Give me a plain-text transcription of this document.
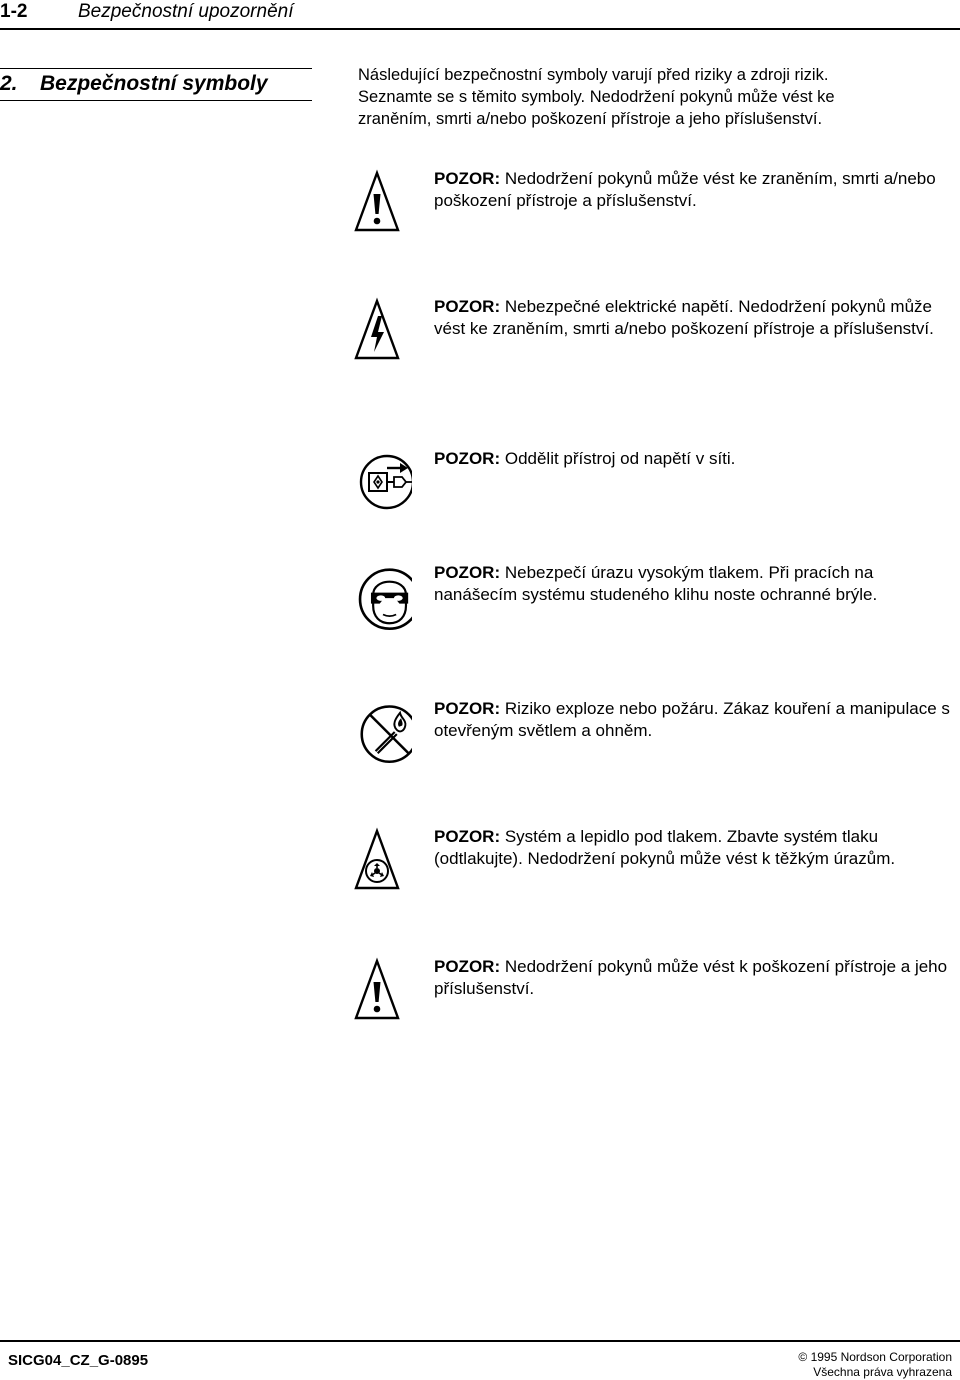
1-2	Bezpečnostní upozornění
2. Bezpečnostní symboly	Následující bezpečnostní symboly varují před riziky a zdroji rizik.
Seznamte se s těmito symboly. Nedodržení pokynů může vést ke
zraněním, smrti a/nebo poškození přístroje a jeho příslušenství.
POZOR: Nedodržení pokynů může vést ke zraněním, smrti a/nebo poškození přístroje a příslušenství.
POZOR: Nebezpečné elektrické napětí. Nedodržení pokynů může vést ke zraněním, smrti a/nebo poškození přístroje a příslušenství.
POZOR: Oddělit přístroj od napětí v síti.
POZOR: Nebezpečí úrazu vysokým tlakem. Při pracích na nanášecím systému studeného klihu noste ochranné brýle.
POZOR: Riziko exploze nebo požáru. Zákaz kouření a manipulace s otevřeným světlem a ohněm.
POZOR: Systém a lepidlo pod tlakem. Zbavte systém tlaku (odtlakujte). Nedodržení pokynů může vést k těžkým úrazům.
POZOR: Nedodržení pokynů může vést k poškození přístroje a jeho příslušenství.
SICG04_CZ_G-0895	© 1995 Nordson Corporation
Všechna práva vyhrazena
